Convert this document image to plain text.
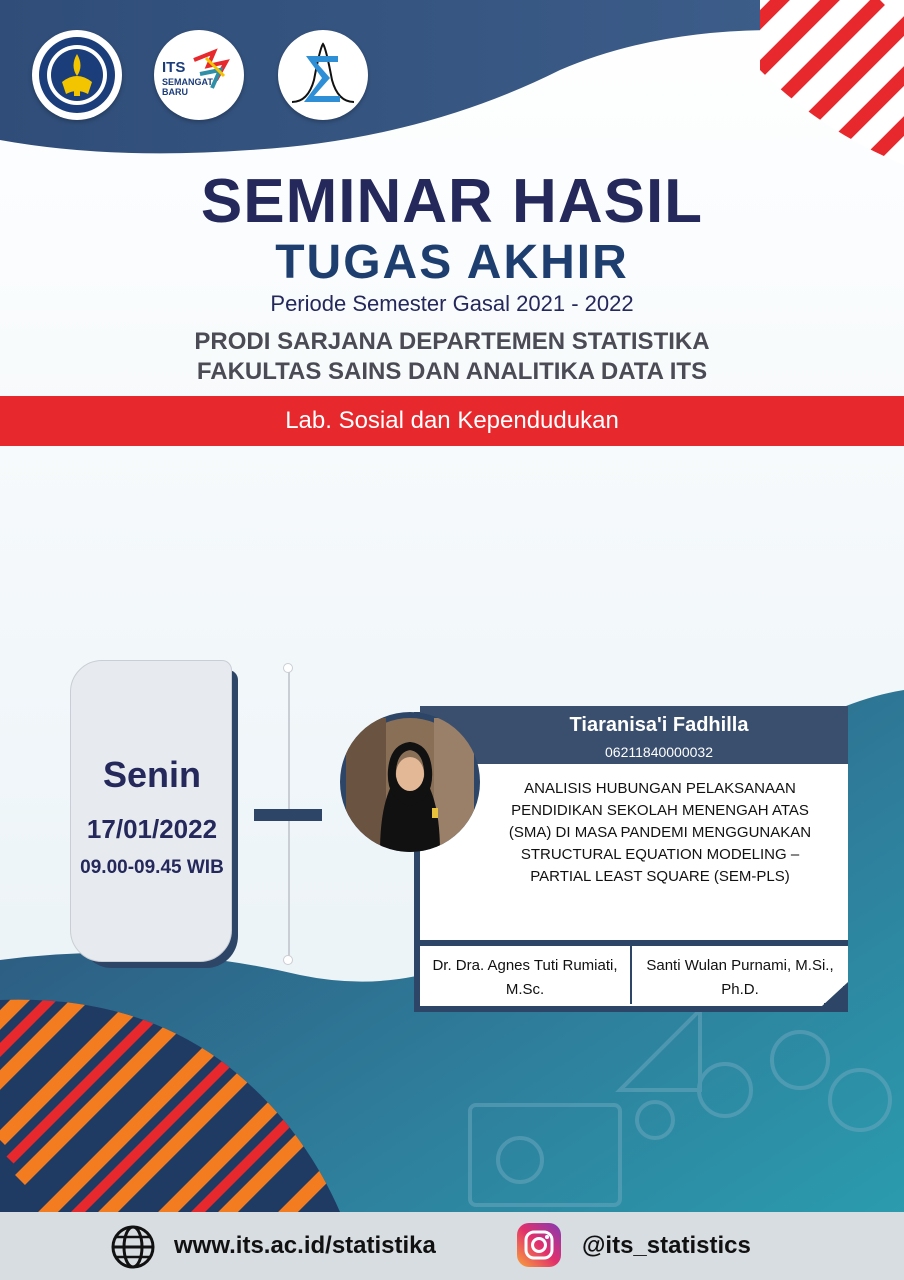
ITS
SEMANGAT BARU
SEMINAR HASIL
TUGAS AKHIR
Periode Semester Gasal 2021 - 2022
PRODI SARJANA DEPARTEMEN STATISTIKA
FAKULTAS SAINS DAN ANALITIKA DATA ITS
Lab. Sosial dan Kependudukan
Senin
17/01/2022
09.00-09.45 WIB
Tiaranisa'i Fadhilla
06211840000032
ANALISIS HUBUNGAN PELAKSANAAN PENDIDIKAN SEKOLAH MENENGAH ATAS (SMA) DI MASA PANDEMI MENGGUNAKAN STRUCTURAL EQUATION MODELING – PARTIAL LEAST SQUARE (SEM-PLS)
Dr. Dra. Agnes Tuti Rumiati, M.Sc.
Santi Wulan Purnami, M.Si., Ph.D.
www.its.ac.id/statistika	@its_statistics
